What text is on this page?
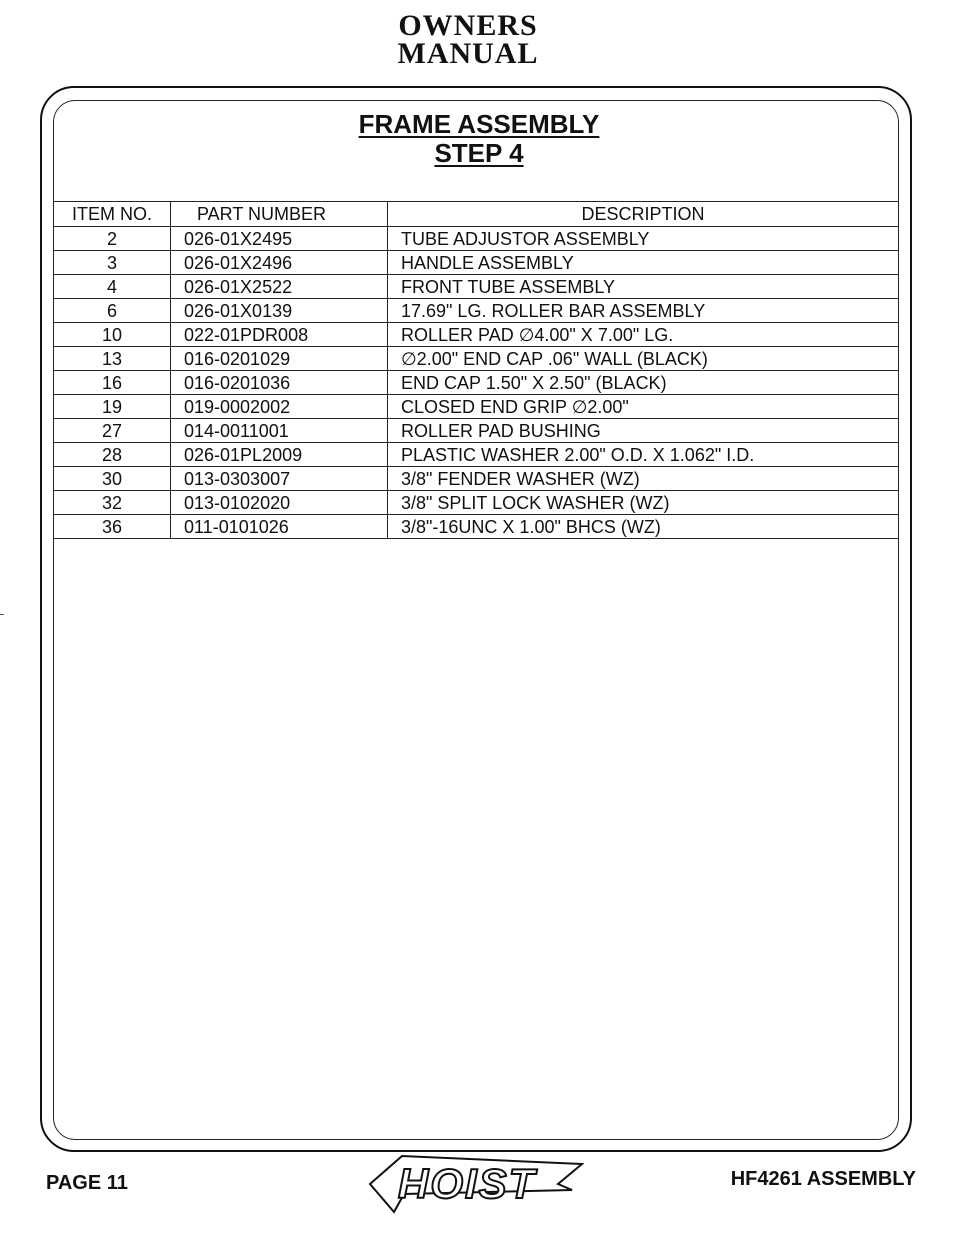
OWNERS
MANUAL
FRAME ASSEMBLY
STEP 4
ITEM NO.	PART NUMBER	DESCRIPTION
2	026-01X2495	TUBE ADJUSTOR ASSEMBLY
3	026-01X2496	HANDLE ASSEMBLY
4	026-01X2522	FRONT TUBE ASSEMBLY
6	026-01X0139	17.69" LG. ROLLER BAR ASSEMBLY
10	022-01PDR008	ROLLER PAD ∅4.00" X 7.00" LG.
13	016-0201029	∅2.00" END CAP .06" WALL (BLACK)
16	016-0201036	END CAP 1.50" X 2.50" (BLACK)
19	019-0002002	CLOSED END GRIP ∅2.00"
27	014-0011001	ROLLER PAD BUSHING
28	026-01PL2009	PLASTIC WASHER 2.00" O.D. X 1.062" I.D.
30	013-0303007	3/8" FENDER WASHER (WZ)
32	013-0102020	3/8" SPLIT LOCK WASHER (WZ)
36	011-0101026	3/8"-16UNC X 1.00" BHCS (WZ)
PAGE 11	HOIST	HF4261 ASSEMBLY
